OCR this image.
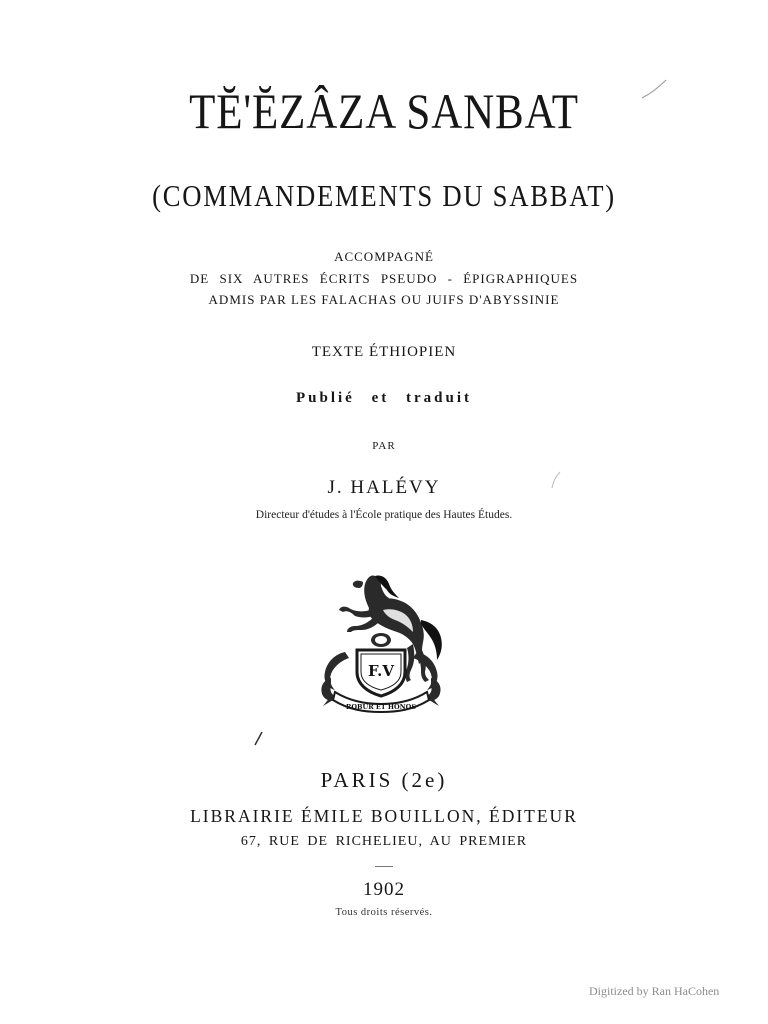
TĔ'ĔZÂZA SANBAT
(COMMANDEMENTS DU SABBAT)

ACCOMPAGNÉ

DE SIX AUTRES ÉCRITS PSEUDO - ÉPIGRAPHIQUES

ADMIS PAR LES FALACHAS OU JUIFS D'ABYSSINIE

TEXTE ÉTHIOPIEN

Publié et traduit

PAR

J. HALÉVY

Directeur d'études à l'École pratique des Hautes Études.

F.V
ROBUR ET HONOS

PARIS (2e)

LIBRAIRIE ÉMILE BOUILLON, ÉDITEUR

67, RUE DE RICHELIEU, AU PREMIER

1902

Tous droits réservés.

Digitized by Ran HaCohen
